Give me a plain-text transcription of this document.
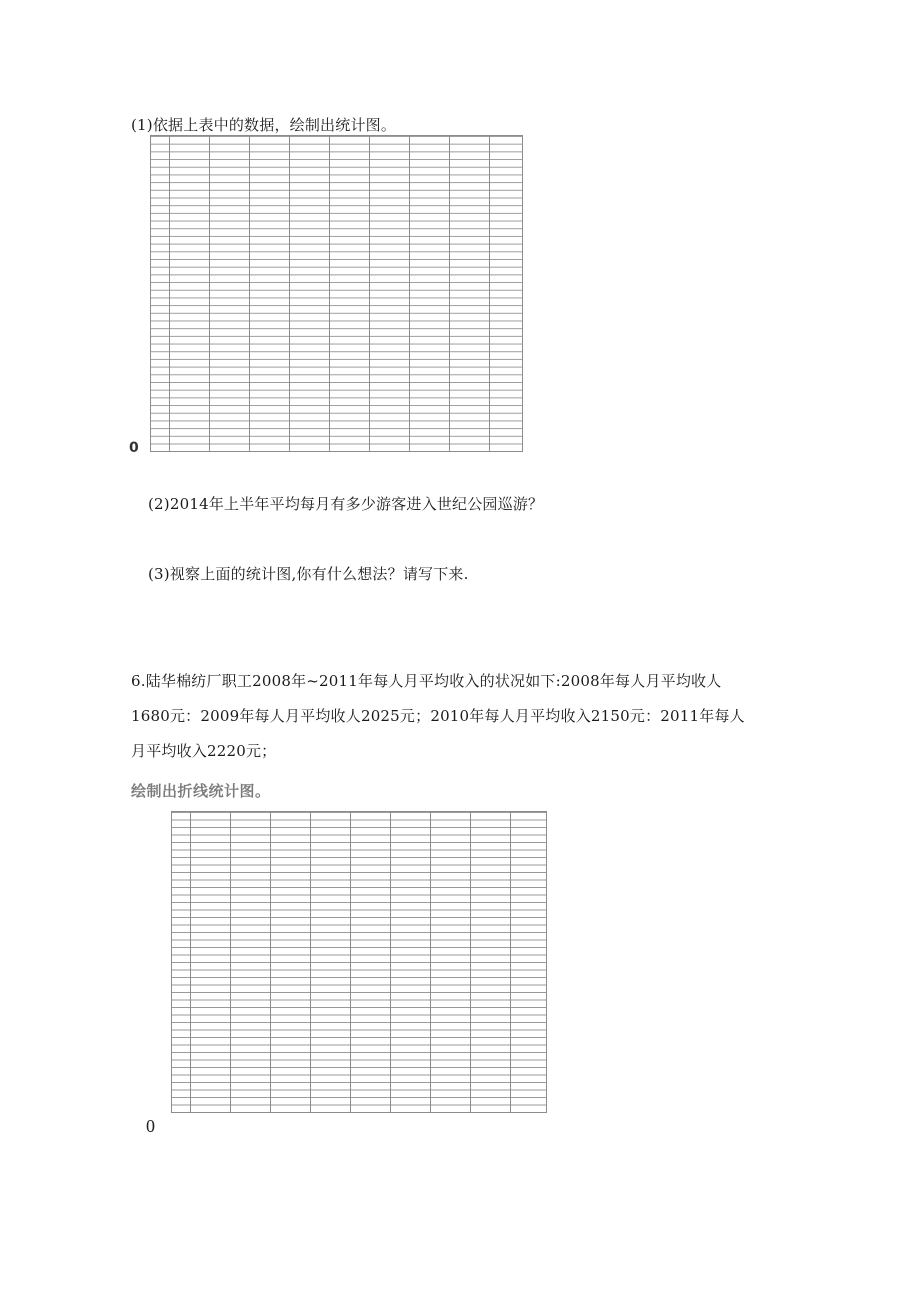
(1)依据上表中的数据，绘制出统计图。
0
(2)2014年上半年平均每月有多少游客进入世纪公园巡游？
(3)视察上面的统计图,你有什么想法？请写下来.
6.陆华棉纺厂职工2008年~2011年每人月平均收入的状况如下:2008年每人月平均收人
1680元：2009年每人月平均收人2025元；2010年每人月平均收入2150元：2011年每人
月平均收入2220元；
绘制出折线统计图。
0
